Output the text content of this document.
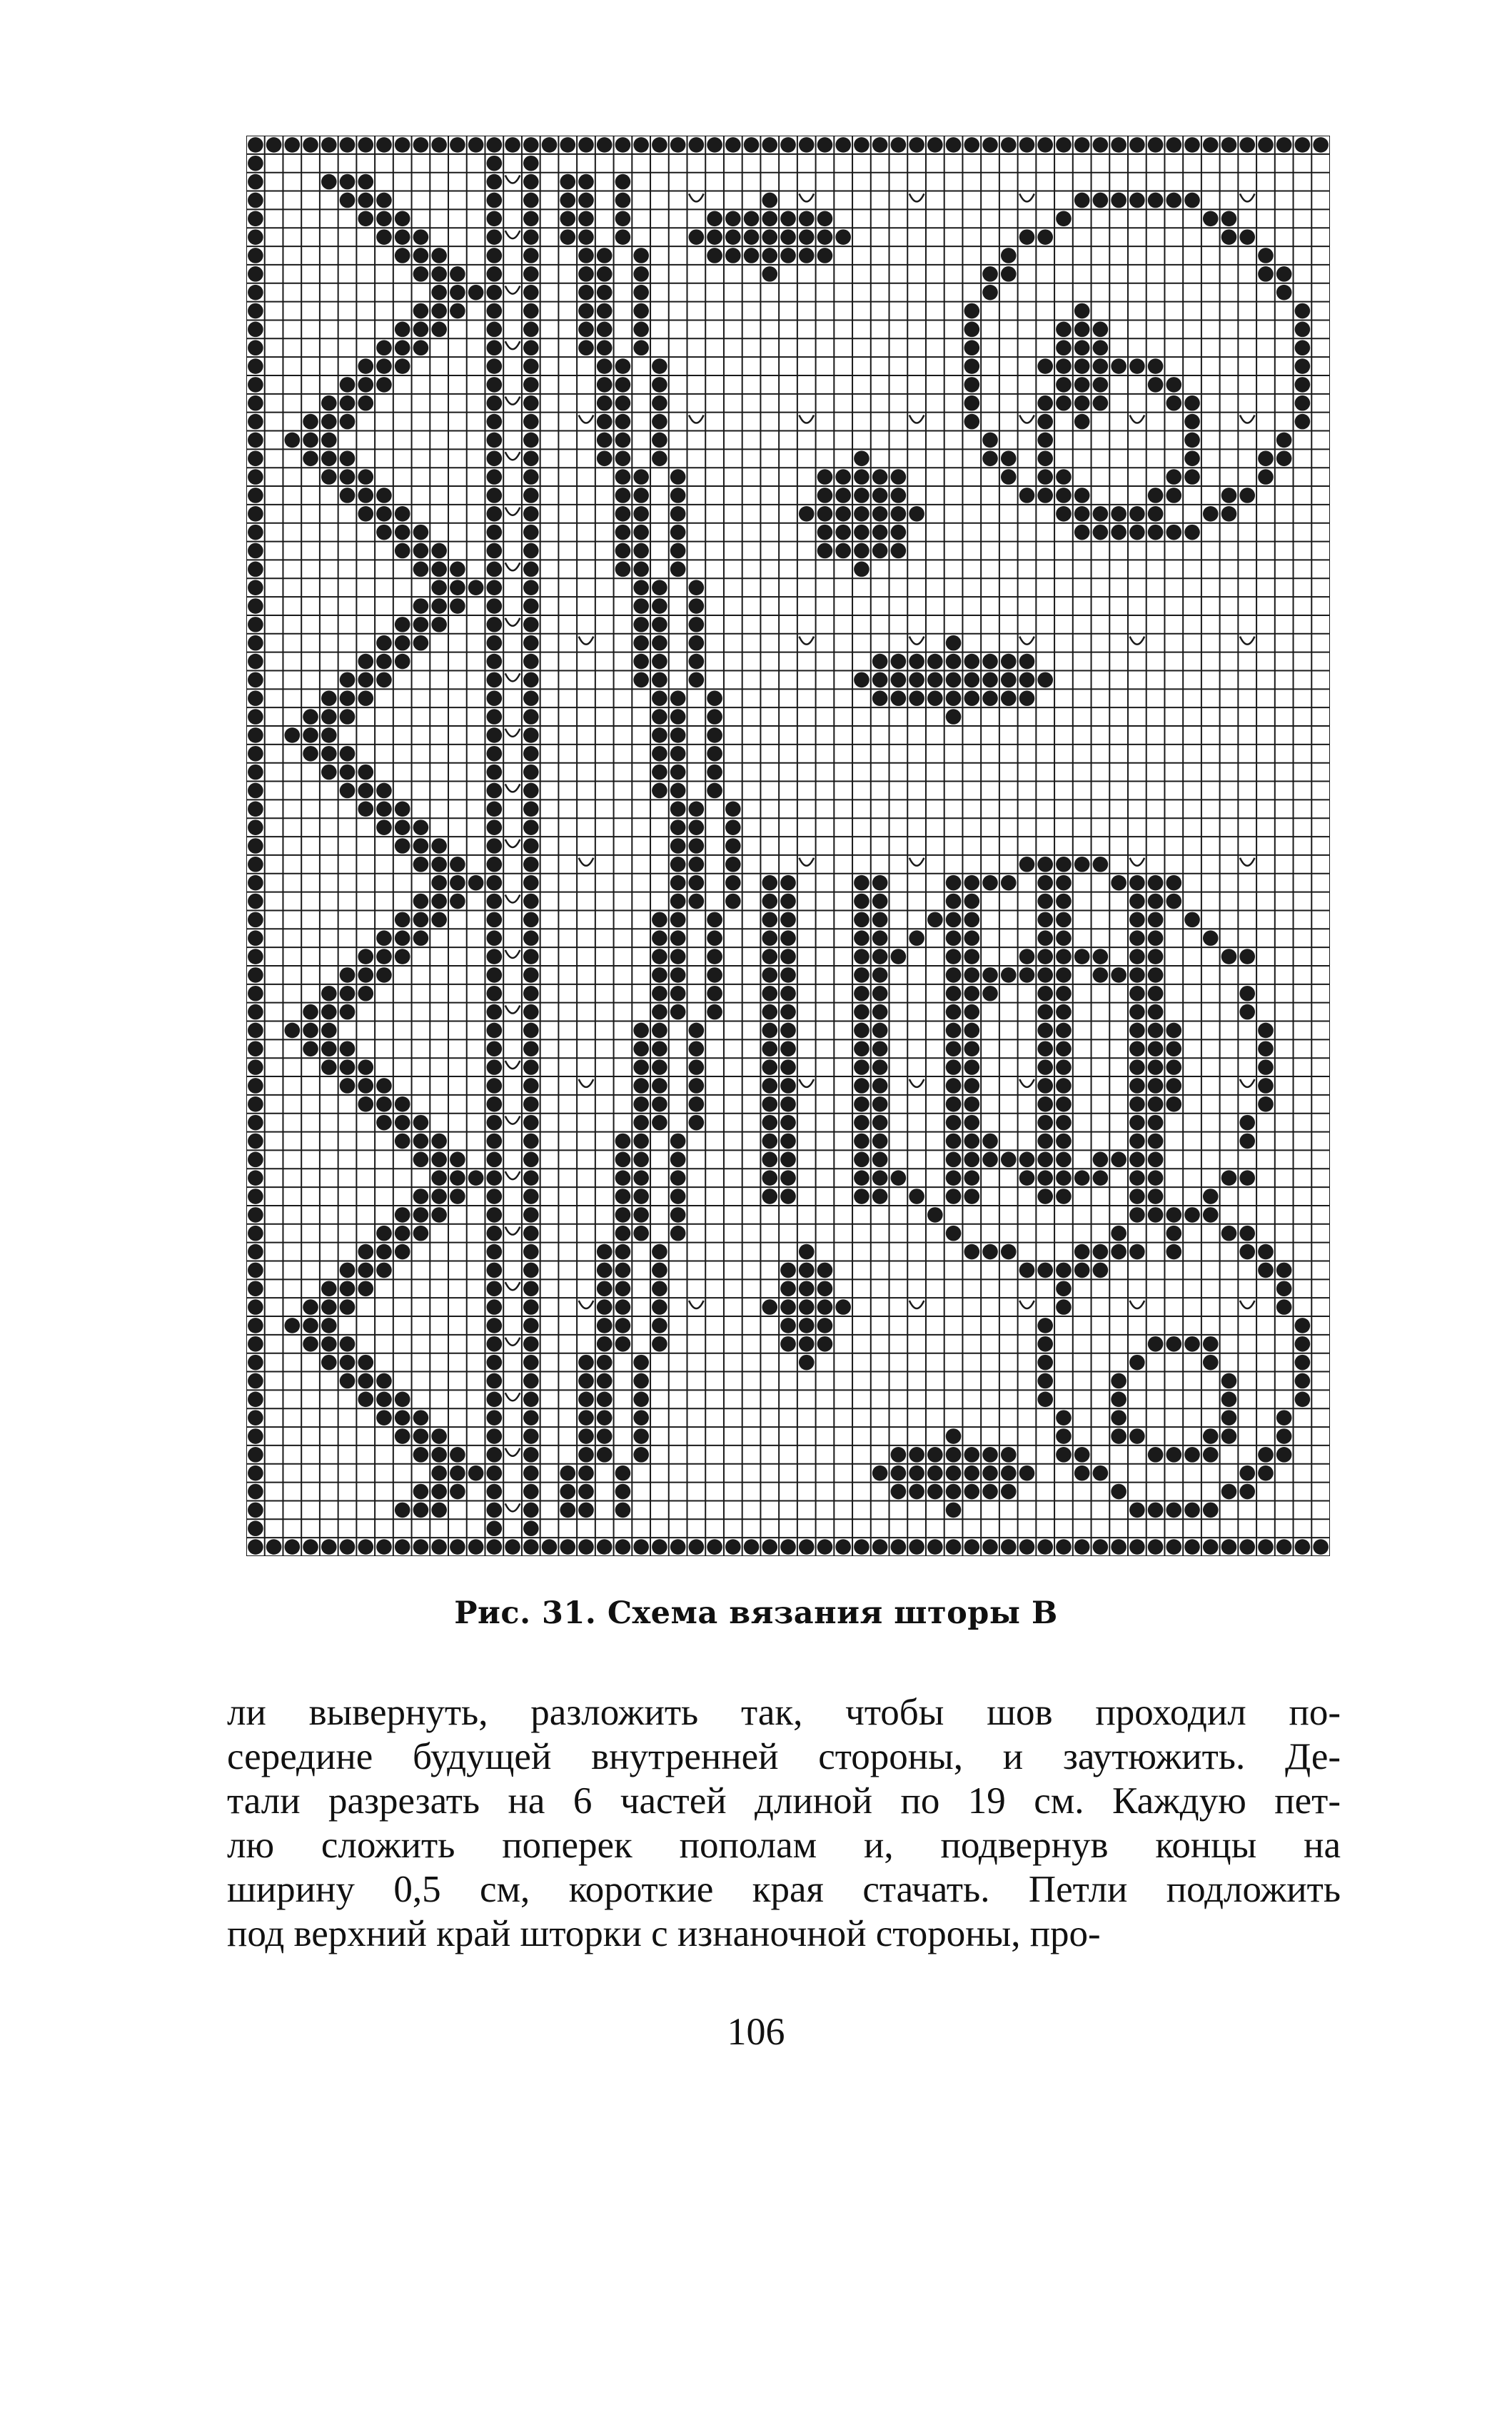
Рис. 31. Схема вязания шторы В
ли вывернуть, разложить так, чтобы шов проходил по-
середине будущей внутренней стороны, и заутюжить. Де-
тали разрезать на 6 частей длиной по 19 см. Каждую пет-
лю сложить поперек пополам и, подвернув концы на
ширину 0,5 см, короткие края стачать. Петли подложить
под верхний край шторки с изнаночной стороны, про-
106
